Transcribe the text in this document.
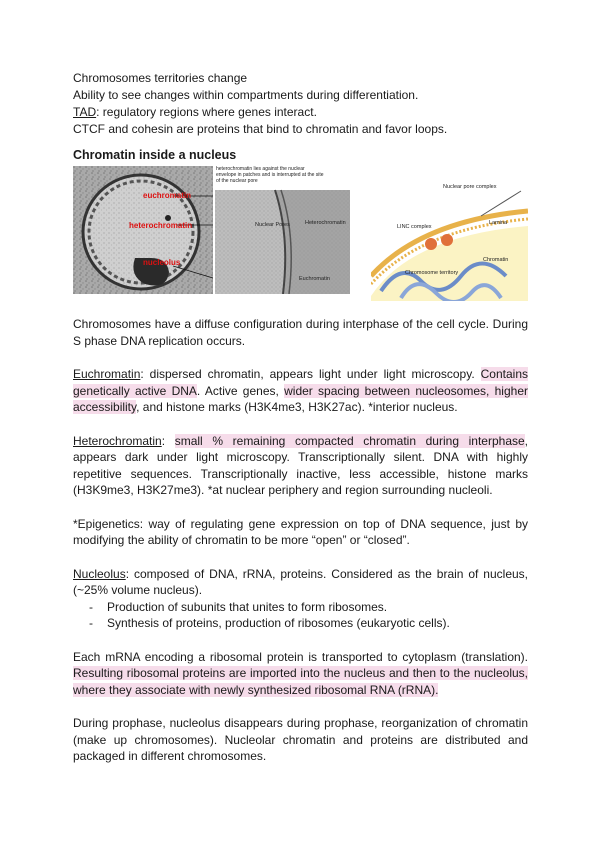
Chromosomes territories change
Ability to see changes within compartments during differentiation.
TAD: regulatory regions where genes interact.
CTCF and cohesin are proteins that bind to chromatin and favor loops.
Chromatin inside a nucleus
euchromatin
heterochromatin
nucleolus
heterochromatin lies against the nuclear envelope in patches and is interrupted at the site of the nuclear pore
Nuclear Pores	Heterochromatin
Euchromatin
Nuclear pore complex
LINC complex
Lamina
Chromatin
Chromosome territory
Chromosomes have a diffuse configuration during interphase of the cell cycle. During S phase DNA replication occurs.
Euchromatin: dispersed chromatin, appears light under light microscopy. Contains genetically active DNA. Active genes, wider spacing between nucleosomes, higher accessibility, and histone marks (H3K4me3, H3K27ac). *interior nucleus.
Heterochromatin: small % remaining compacted chromatin during interphase, appears dark under light microscopy. Transcriptionally silent. DNA with highly repetitive sequences. Transcriptionally inactive, less accessible, histone marks (H3K9me3, H3K27me3). *at nuclear periphery and region surrounding nucleoli.
*Epigenetics: way of regulating gene expression on top of DNA sequence, just by modifying the ability of chromatin to be more “open” or “closed”.
Nucleolus: composed of DNA, rRNA, proteins. Considered as the brain of nucleus, (~25% volume nucleus).
- Production of subunits that unites to form ribosomes.
- Synthesis of proteins, production of ribosomes (eukaryotic cells).
Each mRNA encoding a ribosomal protein is transported to cytoplasm (translation). Resulting ribosomal proteins are imported into the nucleus and then to the nucleolus, where they associate with newly synthesized ribosomal RNA (rRNA).
During prophase, nucleolus disappears during prophase, reorganization of chromatin (make up chromosomes). Nucleolar chromatin and proteins are distributed and packaged in different chromosomes.
